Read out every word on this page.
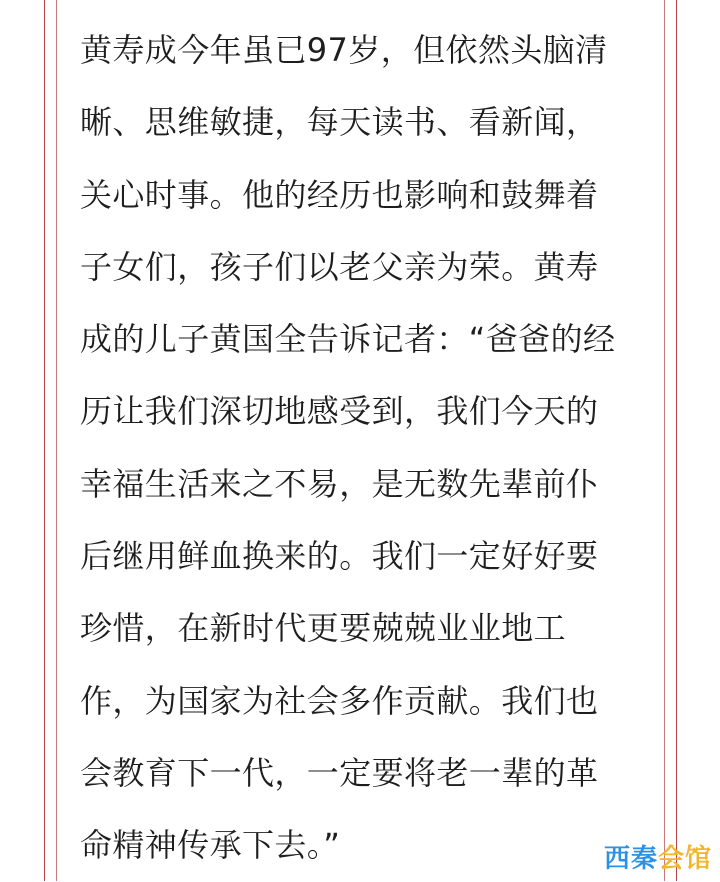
黄寿成今年虽已97岁，但依然头脑清
晰、思维敏捷，每天读书、看新闻，
关心时事。他的经历也影响和鼓舞着
子女们，孩子们以老父亲为荣。黄寿
成的儿子黄国全告诉记者：“爸爸的经
历让我们深切地感受到，我们今天的
幸福生活来之不易，是无数先辈前仆
后继用鲜血换来的。我们一定好好要
珍惜，在新时代更要兢兢业业地工
作，为国家为社会多作贡献。我们也
会教育下一代，一定要将老一辈的革
命精神传承下去。”	西秦会馆
